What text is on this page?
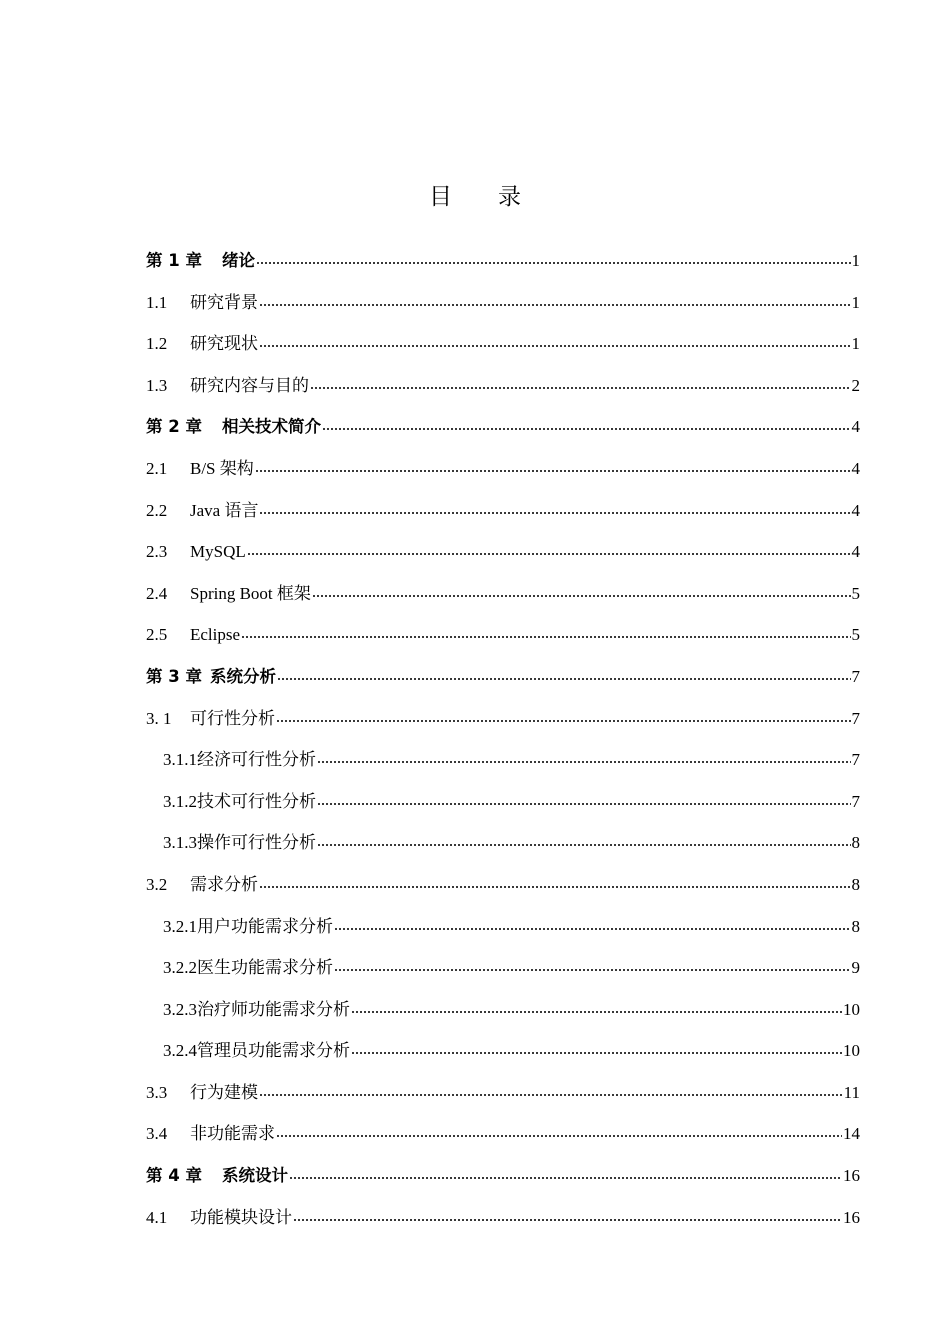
目　　录
第 1 章 绪论	1
1.1	研究背景	1
1.2	研究现状	1
1.3	研究内容与目的	2
第 2 章 相关技术简介	4
2.1	B/S 架构	4
2.2	Java 语言	4
2.3	MySQL	4
2.4	Spring Boot 框架	5
2.5	Eclipse	5
第 3 章 系统分析	7
3. 1	可行性分析	7
3.1.1 经济可行性分析	7
3.1.2 技术可行性分析	7
3.1.3 操作可行性分析	8
3.2	需求分析	8
3.2.1 用户功能需求分析	8
3.2.2 医生功能需求分析	9
3.2.3 治疗师功能需求分析	10
3.2.4 管理员功能需求分析	10
3.3	行为建模	11
3.4	非功能需求	14
第 4 章 系统设计	16
4.1	功能模块设计	16
